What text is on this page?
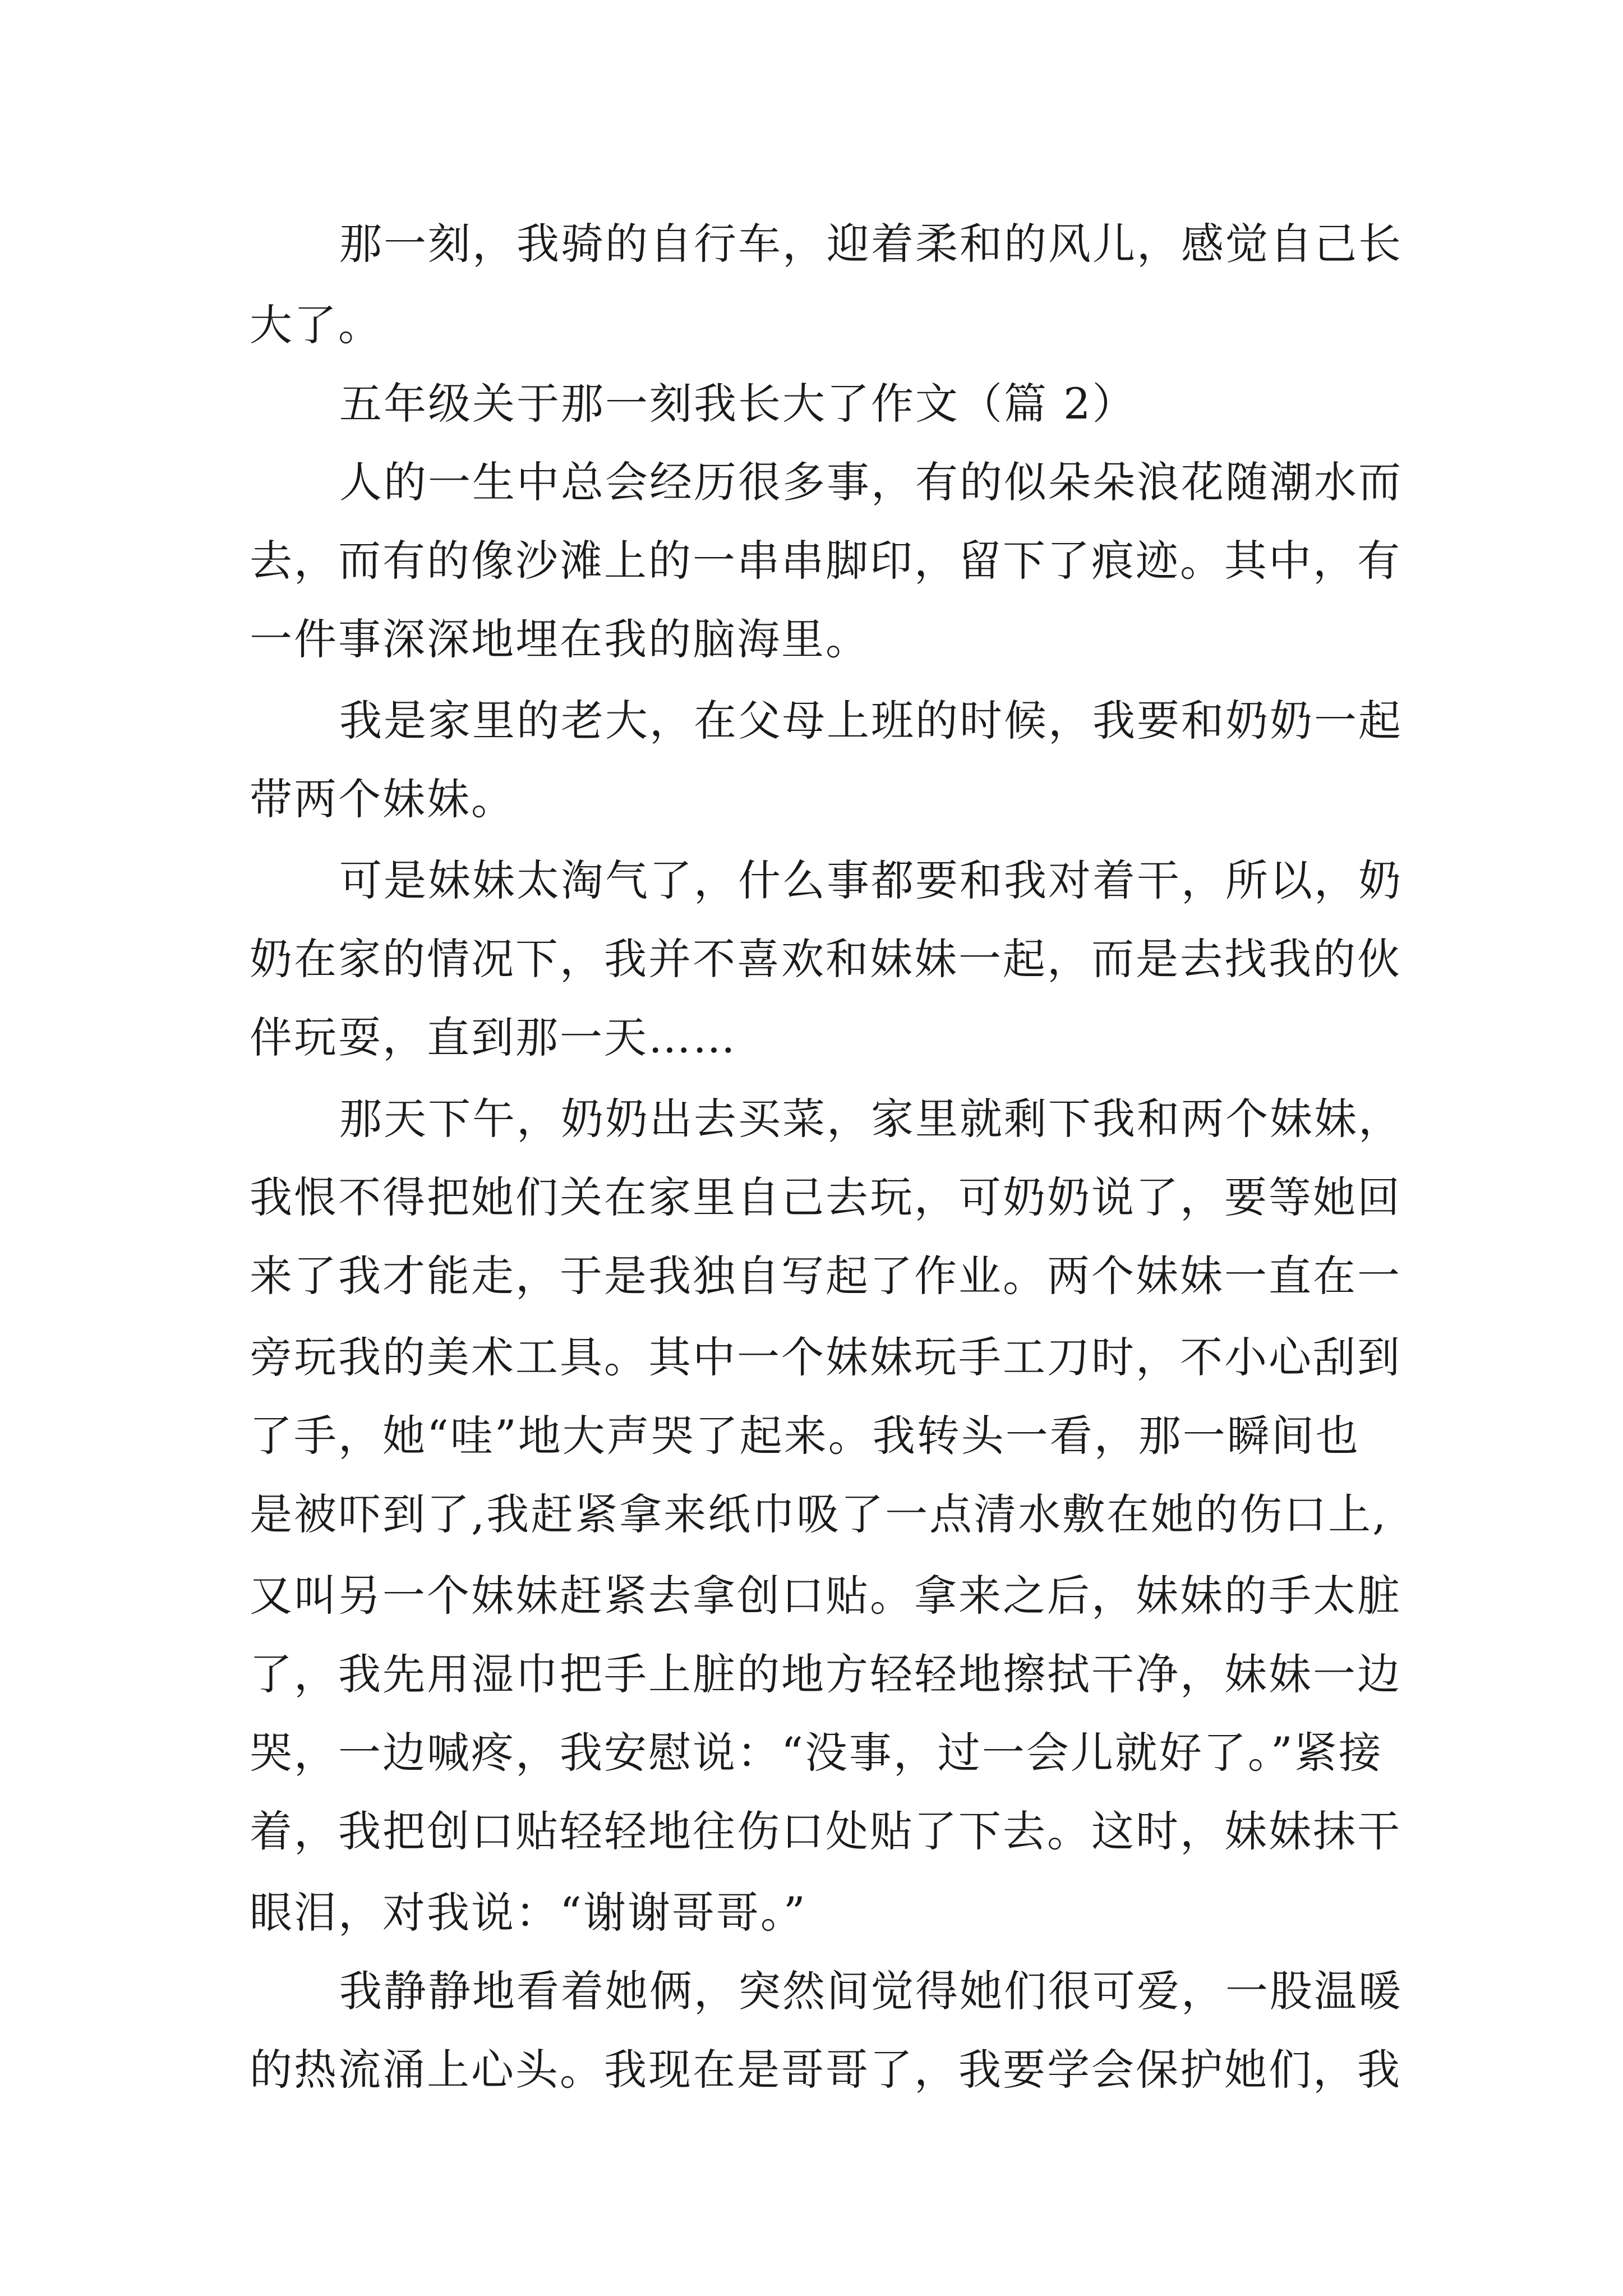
那一刻，我骑的自行车，迎着柔和的风儿，感觉自己长
大了。
五年级关于那一刻我长大了作文（篇 2）
人的一生中总会经历很多事，有的似朵朵浪花随潮水而
去，而有的像沙滩上的一串串脚印，留下了痕迹。其中，有
一件事深深地埋在我的脑海里。
我是家里的老大，在父母上班的时候，我要和奶奶一起
带两个妹妹。
可是妹妹太淘气了，什么事都要和我对着干，所以，奶
奶在家的情况下，我并不喜欢和妹妹一起，而是去找我的伙
伴玩耍，直到那一天……
那天下午，奶奶出去买菜，家里就剩下我和两个妹妹，
我恨不得把她们关在家里自己去玩，可奶奶说了，要等她回
来了我才能走，于是我独自写起了作业。两个妹妹一直在一
旁玩我的美术工具。其中一个妹妹玩手工刀时，不小心刮到
了手，她“哇”地大声哭了起来。我转头一看，那一瞬间也
是被吓到了,我赶紧拿来纸巾吸了一点清水敷在她的伤口上,
又叫另一个妹妹赶紧去拿创口贴。拿来之后，妹妹的手太脏
了，我先用湿巾把手上脏的地方轻轻地擦拭干净，妹妹一边
哭，一边喊疼，我安慰说：“没事，过一会儿就好了。”紧接
着，我把创口贴轻轻地往伤口处贴了下去。这时，妹妹抹干
眼泪，对我说：“谢谢哥哥。”
我静静地看着她俩，突然间觉得她们很可爱，一股温暖
的热流涌上心头。我现在是哥哥了，我要学会保护她们，我
